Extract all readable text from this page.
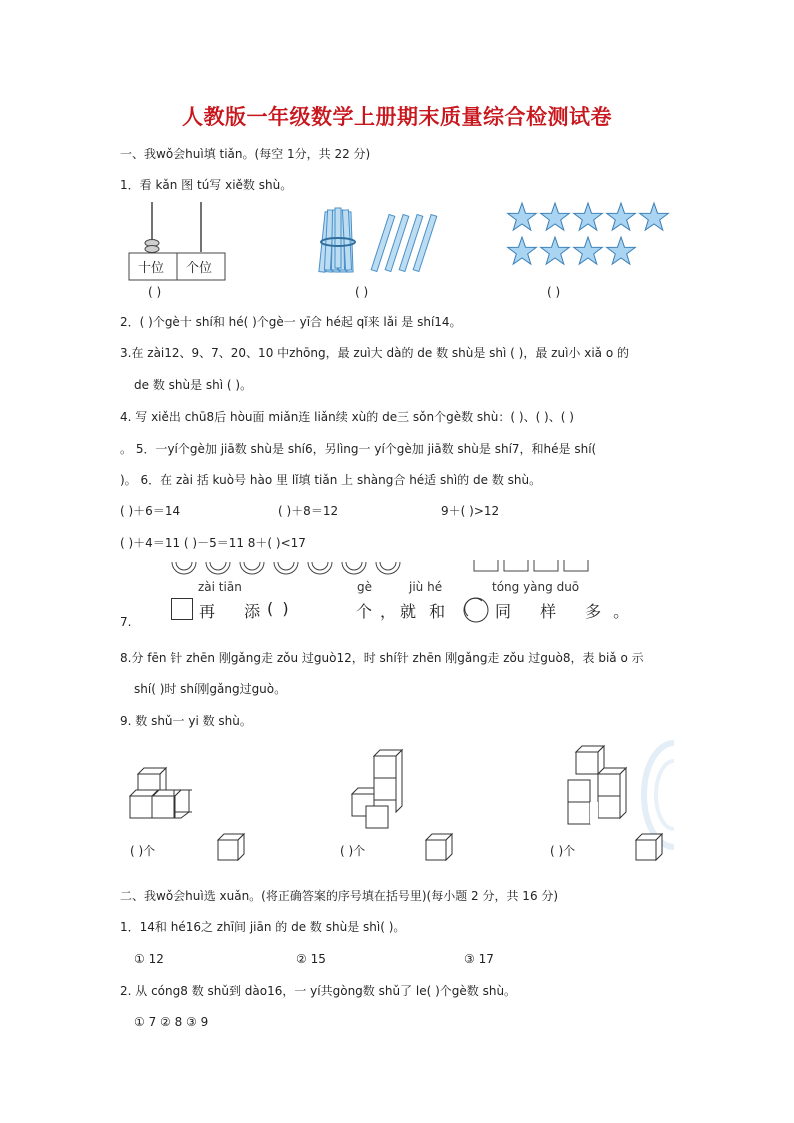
人教版一年级数学上册期末质量综合检测试卷
一、我wǒ会huì填 tiǎn。(每空 1分，共 22 分)
1．看 kǎn 图 tú写 xiě数 shù。
十位 个位
( )	( )	( )
2．( )个gè十 shí和 hé( )个gè一 yī合 hé起 qǐ来 lǎi 是 shí14。
3.在 zài12、9、7、20、10 中zhōng，最 zuì大 dà的 de 数 shù是 shì ( )，最 zuì小 xiǎ o 的
de 数 shù是 shì ( )。
4. 写 xiě出 chū8后 hòu面 miǎn连 liǎn续 xù的 de三 sǒn个gè数 shù：( )、( )、( )
。 5．一yí个gè加 jiā数 shù是 shí6，另lìng一 yí个gè加 jiā数 shù是 shí7，和hé是 shí(
)。 6．在 zài 括 kuò号 hào 里 lǐ填 tiǎn 上 shàng合 hé适 shì的 de 数 shù。
( )＋6＝14	( )＋8＝12	9＋( )>12
( )＋4＝11 ( )－5＝11 8＋( )<17
zài tiān	gè	jiù hé	tóng yàng duō
7.
再 添
( )	个
，就 和	同 样 多。
8.分 fēn 针 zhēn 刚gǎng走 zǒu 过guò12，时 shí针 zhēn 刚gǎng走 zǒu 过guò8，表 biǎ o 示
shí( )时 shí刚gǎng过guò。
9. 数 shǔ一 yi 数 shù。
( )个	( )个	( )个
二、我wǒ会huì选 xuǎn。(将正确答案的序号填在括号里)(每小题 2 分，共 16 分)
1．14和 hé16之 zhī间 jiān 的 de 数 shù是 shì( )。
① 12	② 15	③ 17
2. 从 cóng8 数 shǔ到 dào16，一 yí共gòng数 shǔ了 le( )个gè数 shù。
① 7 ② 8 ③ 9
